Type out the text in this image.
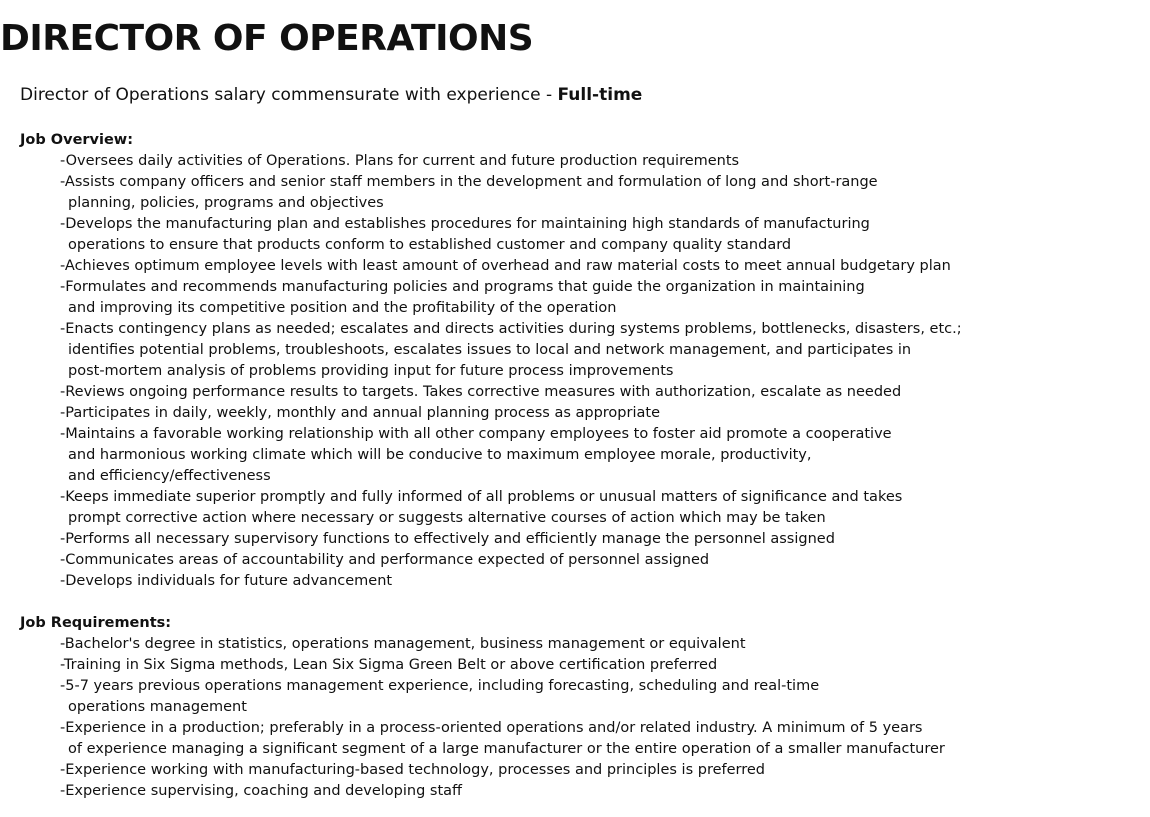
DIRECTOR OF OPERATIONS

Director of Operations salary commensurate with experience - Full-time

Job Overview:
-Oversees daily activities of Operations. Plans for current and future production requirements
-Assists company officers and senior staff members in the development and formulation of long and short-range
planning, policies, programs and objectives
-Develops the manufacturing plan and establishes procedures for maintaining high standards of manufacturing
operations to ensure that products conform to established customer and company quality standard
-Achieves optimum employee levels with least amount of overhead and raw material costs to meet annual budgetary plan
-Formulates and recommends manufacturing policies and programs that guide the organization in maintaining
and improving its competitive position and the profitability of the operation
-Enacts contingency plans as needed; escalates and directs activities during systems problems, bottlenecks, disasters, etc.;
identifies potential problems, troubleshoots, escalates issues to local and network management, and participates in
post-mortem analysis of problems providing input for future process improvements
-Reviews ongoing performance results to targets. Takes corrective measures with authorization, escalate as needed
-Participates in daily, weekly, monthly and annual planning process as appropriate
-Maintains a favorable working relationship with all other company employees to foster aid promote a cooperative
and harmonious working climate which will be conducive to maximum employee morale, productivity,
and efficiency/effectiveness
-Keeps immediate superior promptly and fully informed of all problems or unusual matters of significance and takes
prompt corrective action where necessary or suggests alternative courses of action which may be taken
-Performs all necessary supervisory functions to effectively and efficiently manage the personnel assigned
-Communicates areas of accountability and performance expected of personnel assigned
-Develops individuals for future advancement
Job Requirements:
-Bachelor's degree in statistics, operations management, business management or equivalent
-Training in Six Sigma methods, Lean Six Sigma Green Belt or above certification preferred
-5-7 years previous operations management experience, including forecasting, scheduling and real-time
operations management
-Experience in a production; preferably in a process-oriented operations and/or related industry. A minimum of 5 years
of experience managing a significant segment of a large manufacturer or the entire operation of a smaller manufacturer
-Experience working with manufacturing-based technology, processes and principles is preferred
-Experience supervising, coaching and developing staff
